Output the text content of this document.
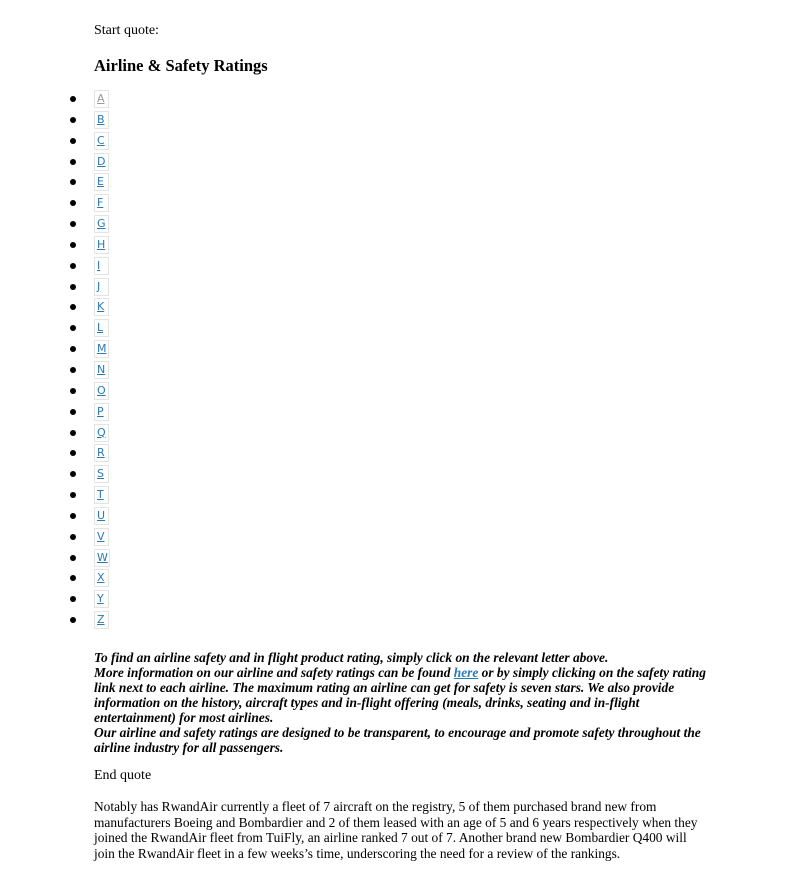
Start quote:

Airline & Safety Ratings
A
B
C
D
E
F
G
H
I
J
K
L
M
N
O
P
Q
R
S
T
U
V
W
X
Y
Z

To find an airline safety and in flight product rating, simply click on the relevant letter above.

More information on our airline and safety ratings can be found here or by simply clicking on the safety rating link next to each airline. The maximum rating an airline can get for safety is seven stars. We also provide information on the history, aircraft types and in-flight offering (meals, drinks, seating and in-flight entertainment) for most airlines.

Our airline and safety ratings are designed to be transparent, to encourage and promote safety throughout the airline industry for all passengers.

End quote

Notably has RwandAir currently a fleet of 7 aircraft on the registry, 5 of them purchased brand new from manufacturers Boeing and Bombardier and 2 of them leased with an age of 5 and 6 years respectively when they joined the RwandAir fleet from TuiFly, an airline ranked 7 out of 7. Another brand new Bombardier Q400 will join the RwandAir fleet in a few weeks’s time, underscoring the need for a review of the rankings.
